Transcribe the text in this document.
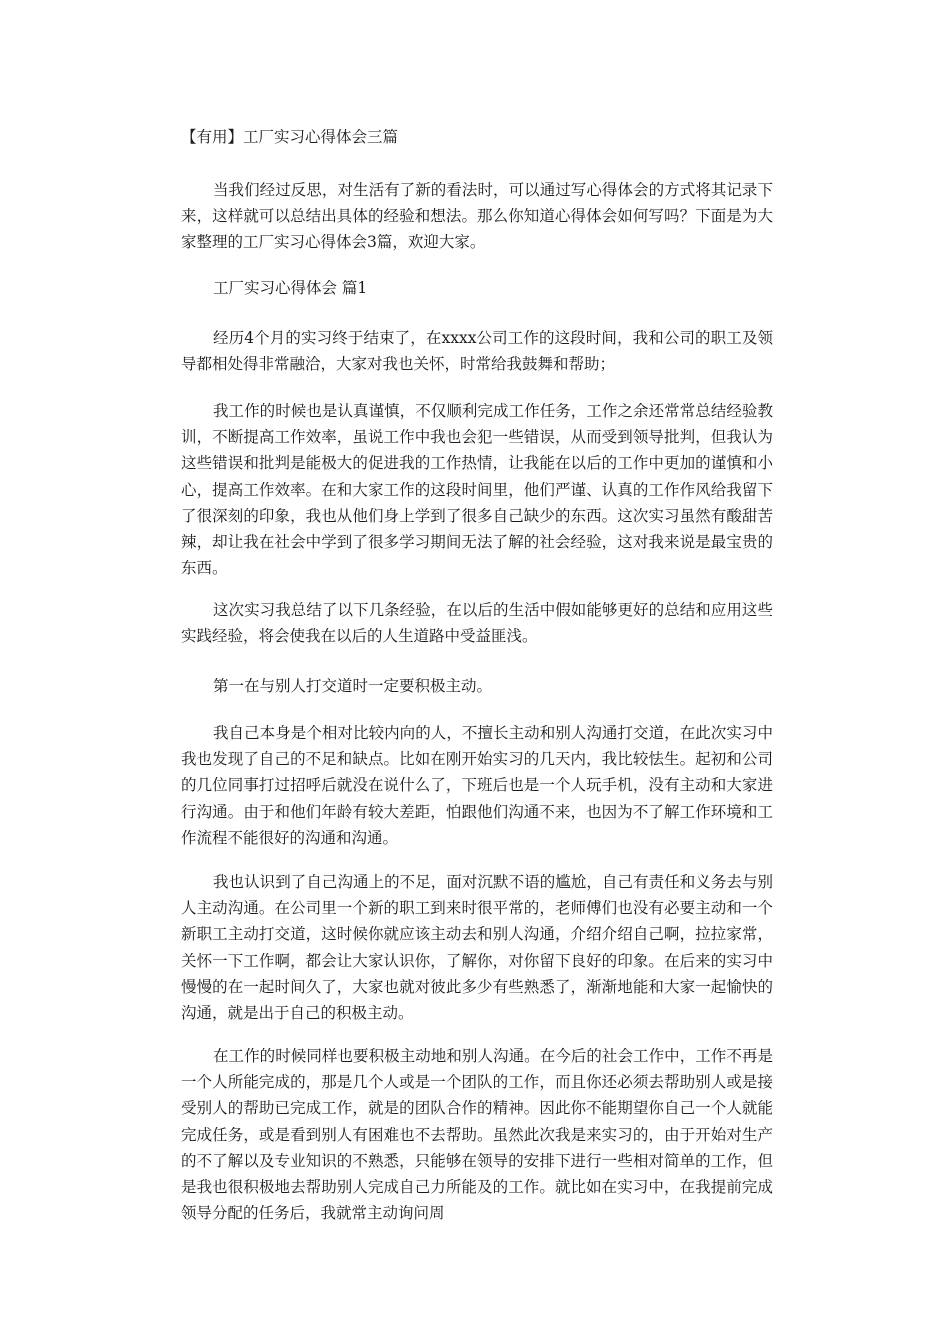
【有用】工厂实习心得体会三篇

当我们经过反思，对生活有了新的看法时，可以通过写心得体会的方式将其记录下来，这样就可以总结出具体的经验和想法。那么你知道心得体会如何写吗？下面是为大家整理的工厂实习心得体会3篇，欢迎大家。

工厂实习心得体会 篇1

经历4个月的实习终于结束了，在xxxx公司工作的这段时间，我和公司的职工及领导都相处得非常融洽，大家对我也关怀，时常给我鼓舞和帮助；

我工作的时候也是认真谨慎，不仅顺利完成工作任务，工作之余还常常总结经验教训，不断提高工作效率，虽说工作中我也会犯一些错误，从而受到领导批判，但我认为这些错误和批判是能极大的促进我的工作热情，让我能在以后的工作中更加的谨慎和小心，提高工作效率。在和大家工作的这段时间里，他们严谨、认真的工作作风给我留下了很深刻的印象，我也从他们身上学到了很多自己缺少的东西。这次实习虽然有酸甜苦辣，却让我在社会中学到了很多学习期间无法了解的社会经验，这对我来说是最宝贵的东西。

这次实习我总结了以下几条经验，在以后的生活中假如能够更好的总结和应用这些实践经验，将会使我在以后的人生道路中受益匪浅。

第一在与别人打交道时一定要积极主动。

我自己本身是个相对比较内向的人，不擅长主动和别人沟通打交道，在此次实习中我也发现了自己的不足和缺点。比如在刚开始实习的几天内，我比较怯生。起初和公司的几位同事打过招呼后就没在说什么了，下班后也是一个人玩手机，没有主动和大家进行沟通。由于和他们年龄有较大差距，怕跟他们沟通不来，也因为不了解工作环境和工作流程不能很好的沟通和沟通。

我也认识到了自己沟通上的不足，面对沉默不语的尴尬，自己有责任和义务去与别人主动沟通。在公司里一个新的职工到来时很平常的，老师傅们也没有必要主动和一个新职工主动打交道，这时候你就应该主动去和别人沟通，介绍介绍自己啊，拉拉家常，关怀一下工作啊，都会让大家认识你，了解你，对你留下良好的印象。在后来的实习中慢慢的在一起时间久了，大家也就对彼此多少有些熟悉了，渐渐地能和大家一起愉快的沟通，就是出于自己的积极主动。

在工作的时候同样也要积极主动地和别人沟通。在今后的社会工作中，工作不再是一个人所能完成的，那是几个人或是一个团队的工作，而且你还必须去帮助别人或是接受别人的帮助已完成工作，就是的团队合作的精神。因此你不能期望你自己一个人就能完成任务，或是看到别人有困难也不去帮助。虽然此次我是来实习的，由于开始对生产的不了解以及专业知识的不熟悉，只能够在领导的安排下进行一些相对简单的工作，但是我也很积极地去帮助别人完成自己力所能及的工作。就比如在实习中，在我提前完成领导分配的任务后，我就常主动询问周
